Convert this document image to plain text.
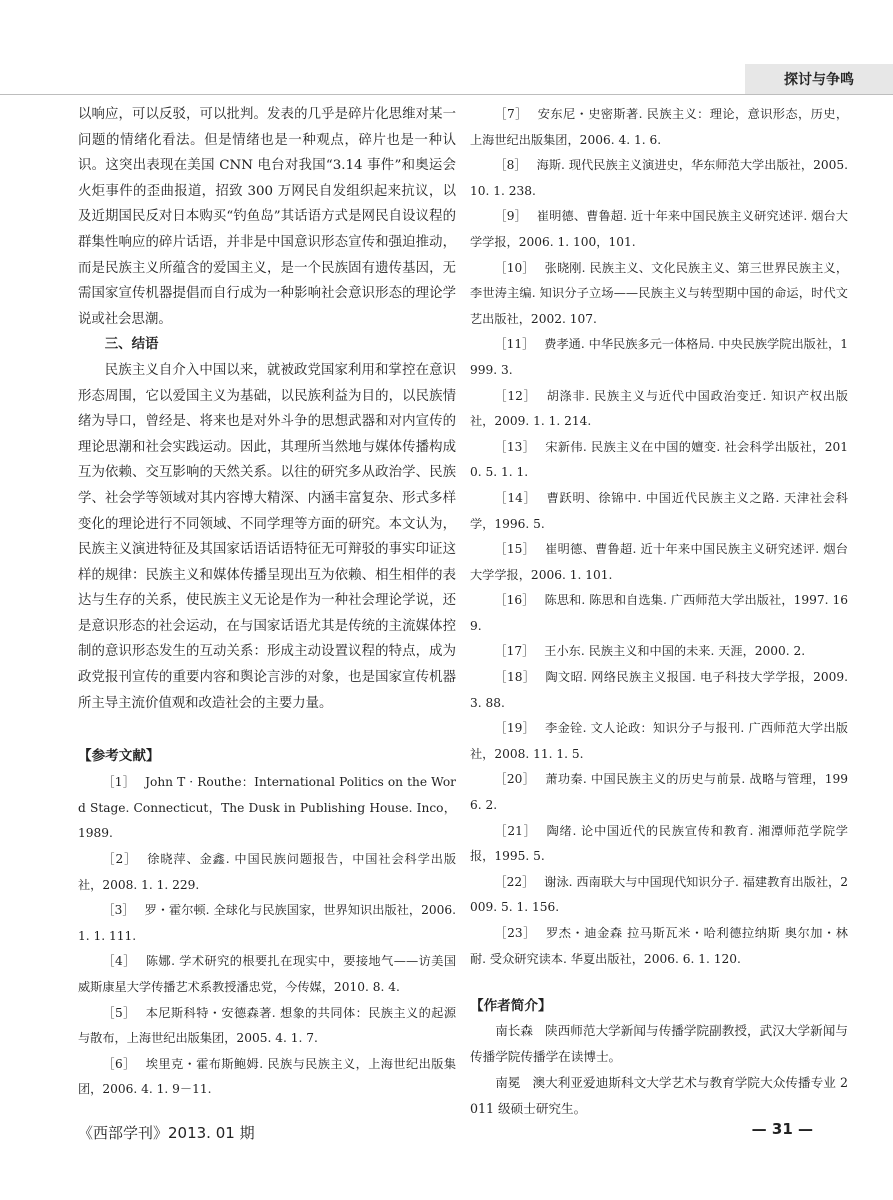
探讨与争鸣

以响应，可以反驳，可以批判。发表的几乎是碎片化思维对某一问题的情绪化看法。但是情绪也是一种观点，碎片也是一种认识。这突出表现在美国 CNN 电台对我国“3.14 事件”和奥运会火炬事件的歪曲报道，招致 300 万网民自发组织起来抗议，以及近期国民反对日本购买“钓鱼岛”其话语方式是网民自设议程的群集性响应的碎片话语，并非是中国意识形态宣传和强迫推动，而是民族主义所蕴含的爱国主义，是一个民族固有遗传基因，无需国家宣传机器提倡而自行成为一种影响社会意识形态的理论学说或社会思潮。

三、结语

民族主义自介入中国以来，就被政党国家利用和掌控在意识形态周围，它以爱国主义为基础，以民族利益为目的，以民族情绪为导口，曾经是、将来也是对外斗争的思想武器和对内宣传的理论思潮和社会实践运动。因此，其理所当然地与媒体传播构成互为依赖、交互影响的天然关系。以往的研究多从政治学、民族学、社会学等领域对其内容博大精深、内涵丰富复杂、形式多样变化的理论进行不同领域、不同学理等方面的研究。本文认为，民族主义演进特征及其国家话语话语特征无可辩驳的事实印证这样的规律：民族主义和媒体传播呈现出互为依赖、相生相伴的表达与生存的关系，使民族主义无论是作为一种社会理论学说，还是意识形态的社会运动，在与国家话语尤其是传统的主流媒体控制的意识形态发生的互动关系：形成主动设置议程的特点，成为政党报刊宣传的重要内容和舆论言涉的对象，也是国家宣传机器所主导主流价值观和改造社会的主要力量。

【参考文献】

［1］ John T · Routhe：International Politics on the Word Stage. Connecticut，The Dusk in Publishing House. Inco，1989.

［2］ 徐晓萍、金鑫. 中国民族问题报告，中国社会科学出版社，2008. 1. 1. 229.

［3］ 罗・霍尔顿. 全球化与民族国家，世界知识出版社，2006. 1. 1. 111.

［4］ 陈娜. 学术研究的根要扎在现实中，要接地气——访美国威斯康星大学传播艺术系教授潘忠党，今传媒，2010. 8. 4.

［5］ 本尼斯科特・安德森著. 想象的共同体：民族主义的起源与散布，上海世纪出版集团，2005. 4. 1. 7.

［6］ 埃里克・霍布斯鲍姆. 民族与民族主义，上海世纪出版集团，2006. 4. 1. 9－11.

［7］ 安东尼・史密斯著. 民族主义：理论，意识形态，历史，上海世纪出版集团，2006. 4. 1. 6.

［8］ 海斯. 现代民族主义演进史，华东师范大学出版社，2005. 10. 1. 238.

［9］ 崔明德、曹鲁超. 近十年来中国民族主义研究述评. 烟台大学学报，2006. 1. 100，101.

［10］ 张晓刚. 民族主义、文化民族主义、第三世界民族主义，李世涛主编. 知识分子立场——民族主义与转型期中国的命运，时代文艺出版社，2002. 107.

［11］ 费孝通. 中华民族多元一体格局. 中央民族学院出版社，1999. 3.

［12］ 胡涤非. 民族主义与近代中国政治变迁. 知识产权出版社，2009. 1. 1. 214.

［13］ 宋新伟. 民族主义在中国的嬗变. 社会科学出版社，2010. 5. 1. 1.

［14］ 曹跃明、徐锦中. 中国近代民族主义之路. 天津社会科学，1996. 5.

［15］ 崔明德、曹鲁超. 近十年来中国民族主义研究述评. 烟台大学学报，2006. 1. 101.

［16］ 陈思和. 陈思和自选集. 广西师范大学出版社，1997. 169.

［17］ 王小东. 民族主义和中国的未来. 天涯，2000. 2.

［18］ 陶文昭. 网络民族主义报国. 电子科技大学学报，2009. 3. 88.

［19］ 李金铨. 文人论政：知识分子与报刊. 广西师范大学出版社，2008. 11. 1. 5.

［20］ 萧功秦. 中国民族主义的历史与前景. 战略与管理，1996. 2.

［21］ 陶绪. 论中国近代的民族宣传和教育. 湘潭师范学院学报，1995. 5.

［22］ 谢泳. 西南联大与中国现代知识分子. 福建教育出版社，2009. 5. 1. 156.

［23］ 罗杰・迪金森 拉马斯瓦米・哈利德拉纳斯 奥尔加・林耐. 受众研究读本. 华夏出版社，2006. 6. 1. 120.

【作者简介】

南长森 陕西师范大学新闻与传播学院副教授，武汉大学新闻与传播学院传播学在读博士。

南冕 澳大利亚爱迪斯科文大学艺术与教育学院大众传播专业 2011 级硕士研究生。

《西部学刊》2013. 01 期	— 31 —
